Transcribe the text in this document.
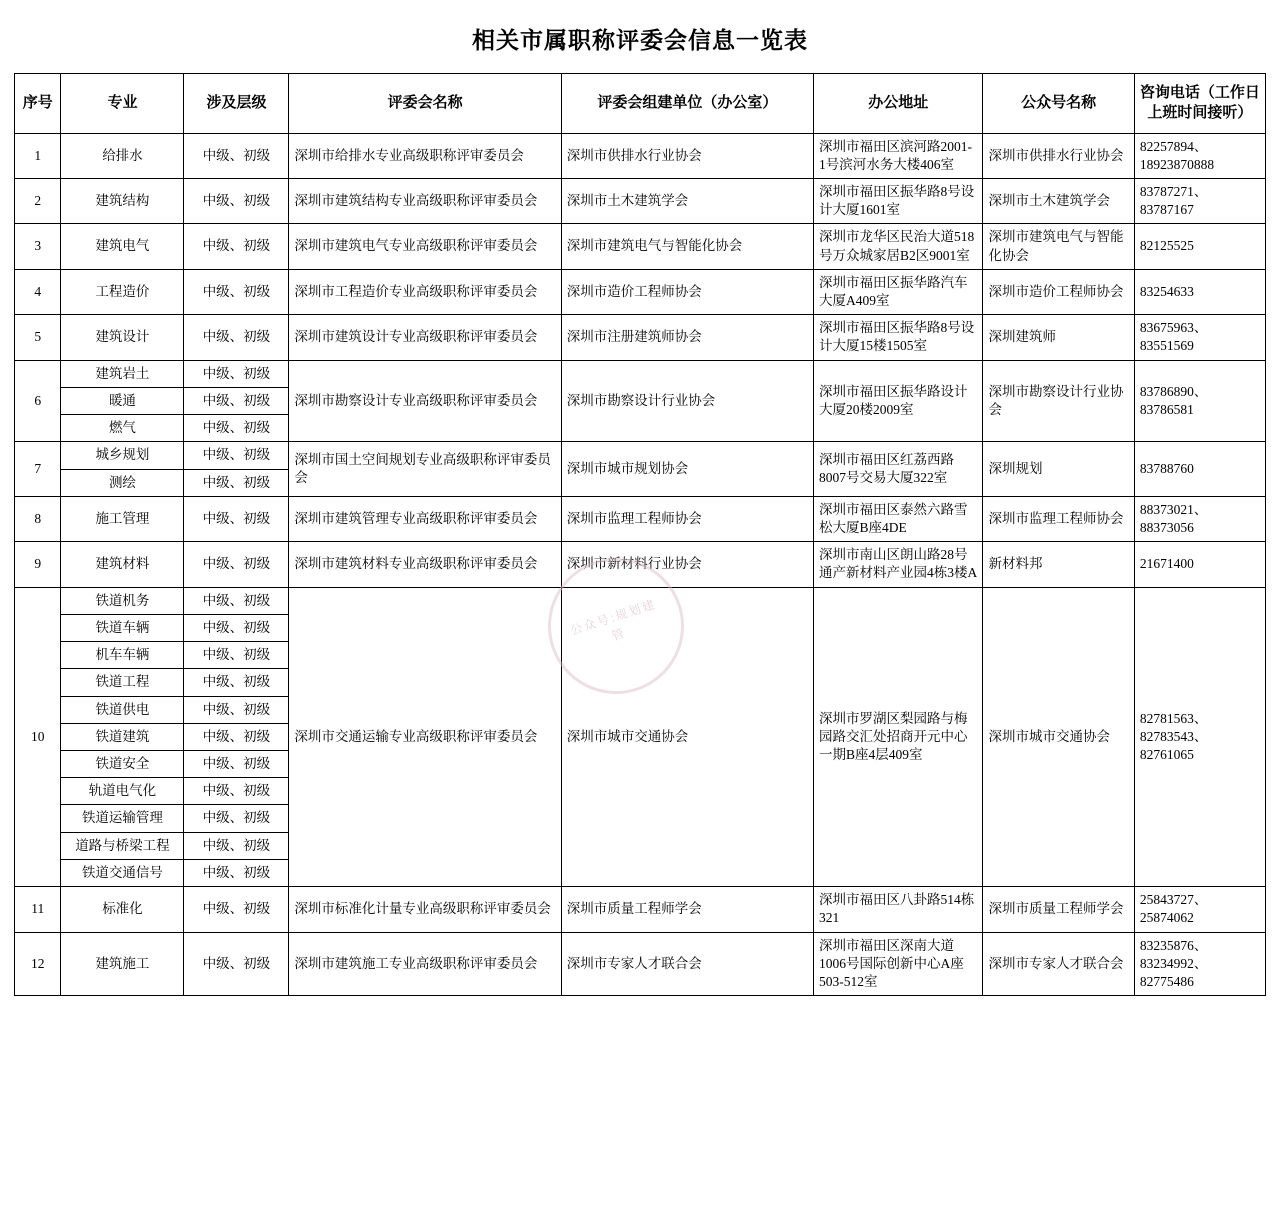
相关市属职称评委会信息一览表
序号	专业	涉及层级	评委会名称	评委会组建单位（办公室）	办公地址	公众号名称	咨询电话（工作日上班时间接听）
1	给排水	中级、初级	深圳市给排水专业高级职称评审委员会	深圳市供排水行业协会	深圳市福田区滨河路2001-1号滨河水务大楼406室	深圳市供排水行业协会	82257894、18923870888
2	建筑结构	中级、初级	深圳市建筑结构专业高级职称评审委员会	深圳市土木建筑学会	深圳市福田区振华路8号设计大厦1601室	深圳市土木建筑学会	83787271、83787167
3	建筑电气	中级、初级	深圳市建筑电气专业高级职称评审委员会	深圳市建筑电气与智能化协会	深圳市龙华区民治大道518号万众城家居B2区9001室	深圳市建筑电气与智能化协会	82125525
4	工程造价	中级、初级	深圳市工程造价专业高级职称评审委员会	深圳市造价工程师协会	深圳市福田区振华路汽车大厦A409室	深圳市造价工程师协会	83254633
5	建筑设计	中级、初级	深圳市建筑设计专业高级职称评审委员会	深圳市注册建筑师协会	深圳市福田区振华路8号设计大厦15楼1505室	深圳建筑师	83675963、83551569
6	建筑岩土	中级、初级	深圳市勘察设计专业高级职称评审委员会	深圳市勘察设计行业协会	深圳市福田区振华路设计大厦20楼2009室	深圳市勘察设计行业协会	83786890、83786581
	暖通	中级、初级					
	燃气	中级、初级					
7	城乡规划	中级、初级	深圳市国土空间规划专业高级职称评审委员会	深圳市城市规划协会	深圳市福田区红荔西路8007号交易大厦322室	深圳规划	83788760
	测绘	中级、初级					
8	施工管理	中级、初级	深圳市建筑管理专业高级职称评审委员会	深圳市监理工程师协会	深圳市福田区泰然六路雪松大厦B座4DE	深圳市监理工程师协会	88373021、88373056
9	建筑材料	中级、初级	深圳市建筑材料专业高级职称评审委员会	深圳市新材料行业协会	深圳市南山区朗山路28号通产新材料产业园4栋3楼A	新材料邦	21671400
10	铁道机务	中级、初级	深圳市交通运输专业高级职称评审委员会	深圳市城市交通协会	深圳市罗湖区梨园路与梅园路交汇处招商开元中心一期B座4层409室	深圳市城市交通协会	82781563、82783543、82761065
	铁道车辆	中级、初级					
	机车车辆	中级、初级					
	铁道工程	中级、初级					
	铁道供电	中级、初级					
	铁道建筑	中级、初级					
	铁道安全	中级、初级					
	轨道电气化	中级、初级					
	铁道运输管理	中级、初级					
	道路与桥梁工程	中级、初级					
	铁道交通信号	中级、初级					
11	标准化	中级、初级	深圳市标准化计量专业高级职称评审委员会	深圳市质量工程师学会	深圳市福田区八卦路514栋321	深圳市质量工程师学会	25843727、25874062
12	建筑施工	中级、初级	深圳市建筑施工专业高级职称评审委员会	深圳市专家人才联合会	深圳市福田区深南大道1006号国际创新中心A座503-512室	深圳市专家人才联合会	83235876、83234992、82775486
公众号:规划建管
